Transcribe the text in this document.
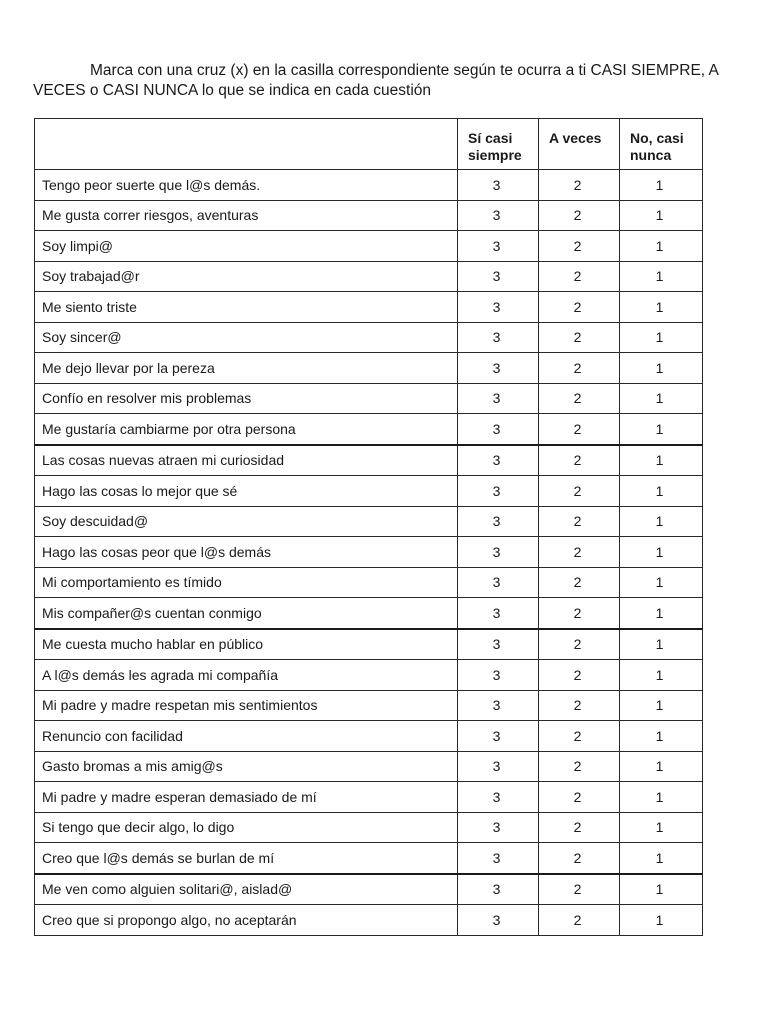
Marca con una cruz (x) en la casilla correspondiente según te ocurra a ti CASI SIEMPRE, A VECES o CASI NUNCA lo que se indica en cada cuestión

	Sí casi siempre	A veces	No, casi nunca

Tengo peor suerte que l@s demás.	3	2	1
Me gusta correr riesgos, aventuras	3	2	1
Soy limpi@	3	2	1
Soy trabajad@r	3	2	1
Me siento triste	3	2	1
Soy sincer@	3	2	1
Me dejo llevar por la pereza	3	2	1
Confío en resolver mis problemas	3	2	1
Me gustaría cambiarme por otra persona	3	2	1
Las cosas nuevas atraen mi curiosidad	3	2	1
Hago las cosas lo mejor que sé	3	2	1
Soy descuidad@	3	2	1
Hago las cosas peor que l@s demás	3	2	1
Mi comportamiento es tímido	3	2	1
Mis compañer@s cuentan conmigo	3	2	1
Me cuesta mucho hablar en público	3	2	1
A l@s demás les agrada mi compañía	3	2	1
Mi padre y madre respetan mis sentimientos	3	2	1
Renuncio con facilidad	3	2	1
Gasto bromas a mis amig@s	3	2	1
Mi padre y madre esperan demasiado de mí	3	2	1
Si tengo que decir algo, lo digo	3	2	1
Creo que l@s demás se burlan de mí	3	2	1
Me ven como alguien solitari@, aislad@	3	2	1
Creo que si propongo algo, no aceptarán	3	2	1
